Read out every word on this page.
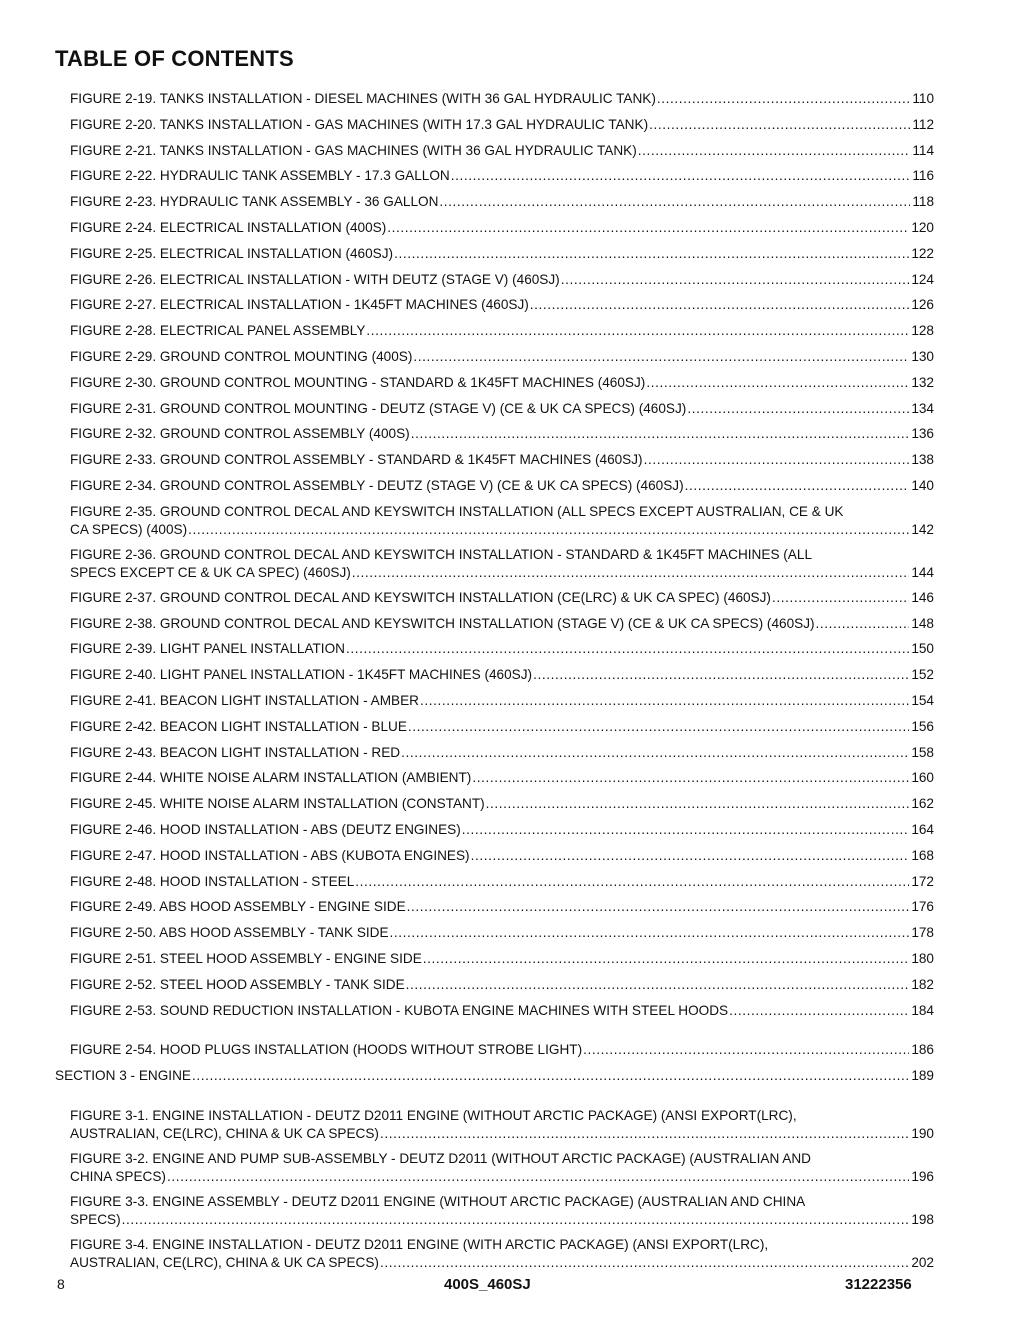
TABLE OF CONTENTS
FIGURE 2-19. TANKS INSTALLATION - DIESEL MACHINES (WITH 36 GAL HYDRAULIC TANK) .....	110
FIGURE 2-20. TANKS INSTALLATION - GAS MACHINES (WITH 17.3 GAL HYDRAULIC TANK) .....	112
FIGURE 2-21. TANKS INSTALLATION - GAS MACHINES (WITH 36 GAL HYDRAULIC TANK) .....	114
FIGURE 2-22. HYDRAULIC TANK ASSEMBLY - 17.3 GALLON .....	116
FIGURE 2-23. HYDRAULIC TANK ASSEMBLY - 36 GALLON .....	118
FIGURE 2-24. ELECTRICAL INSTALLATION (400S) .....	120
FIGURE 2-25. ELECTRICAL INSTALLATION (460SJ) .....	122
FIGURE 2-26. ELECTRICAL INSTALLATION - WITH DEUTZ (STAGE V) (460SJ) .....	124
FIGURE 2-27. ELECTRICAL INSTALLATION - 1K45FT MACHINES (460SJ) .....	126
FIGURE 2-28. ELECTRICAL PANEL ASSEMBLY .....	128
FIGURE 2-29. GROUND CONTROL MOUNTING (400S) .....	130
FIGURE 2-30. GROUND CONTROL MOUNTING - STANDARD & 1K45FT MACHINES (460SJ) .....	132
FIGURE 2-31. GROUND CONTROL MOUNTING - DEUTZ (STAGE V) (CE & UK CA SPECS) (460SJ) .....	134
FIGURE 2-32. GROUND CONTROL ASSEMBLY (400S) .....	136
FIGURE 2-33. GROUND CONTROL ASSEMBLY - STANDARD & 1K45FT MACHINES (460SJ) .....	138
FIGURE 2-34. GROUND CONTROL ASSEMBLY - DEUTZ (STAGE V) (CE & UK CA SPECS) (460SJ) .....	140
FIGURE 2-35. GROUND CONTROL DECAL AND KEYSWITCH INSTALLATION (ALL SPECS EXCEPT AUSTRALIAN, CE & UK
CA SPECS) (400S) .....	142
FIGURE 2-36. GROUND CONTROL DECAL AND KEYSWITCH INSTALLATION - STANDARD & 1K45FT MACHINES (ALL
SPECS EXCEPT CE & UK CA SPEC) (460SJ) .....	144
FIGURE 2-37. GROUND CONTROL DECAL AND KEYSWITCH INSTALLATION (CE(LRC) & UK CA SPEC) (460SJ) .....	146
FIGURE 2-38. GROUND CONTROL DECAL AND KEYSWITCH INSTALLATION (STAGE V) (CE & UK CA SPECS) (460SJ) .....	148
FIGURE 2-39. LIGHT PANEL INSTALLATION .....	150
FIGURE 2-40. LIGHT PANEL INSTALLATION - 1K45FT MACHINES (460SJ) .....	152
FIGURE 2-41. BEACON LIGHT INSTALLATION - AMBER .....	154
FIGURE 2-42. BEACON LIGHT INSTALLATION - BLUE .....	156
FIGURE 2-43. BEACON LIGHT INSTALLATION - RED .....	158
FIGURE 2-44. WHITE NOISE ALARM INSTALLATION (AMBIENT) .....	160
FIGURE 2-45. WHITE NOISE ALARM INSTALLATION (CONSTANT) .....	162
FIGURE 2-46. HOOD INSTALLATION - ABS (DEUTZ ENGINES) .....	164
FIGURE 2-47. HOOD INSTALLATION - ABS (KUBOTA ENGINES) .....	168
FIGURE 2-48. HOOD INSTALLATION - STEEL .....	172
FIGURE 2-49. ABS HOOD ASSEMBLY - ENGINE SIDE .....	176
FIGURE 2-50. ABS HOOD ASSEMBLY - TANK SIDE .....	178
FIGURE 2-51. STEEL HOOD ASSEMBLY - ENGINE SIDE .....	180
FIGURE 2-52. STEEL HOOD ASSEMBLY - TANK SIDE .....	182
FIGURE 2-53. SOUND REDUCTION INSTALLATION - KUBOTA ENGINE MACHINES WITH STEEL HOODS .....	184
FIGURE 2-54. HOOD PLUGS INSTALLATION (HOODS WITHOUT STROBE LIGHT) .....	186
SECTION 3 - ENGINE .....	189
FIGURE 3-1. ENGINE INSTALLATION - DEUTZ D2011 ENGINE (WITHOUT ARCTIC PACKAGE) (ANSI EXPORT(LRC),
AUSTRALIAN, CE(LRC), CHINA & UK CA SPECS) .....	190
FIGURE 3-2. ENGINE AND PUMP SUB-ASSEMBLY - DEUTZ D2011 (WITHOUT ARCTIC PACKAGE) (AUSTRALIAN AND
CHINA SPECS) .....	196
FIGURE 3-3. ENGINE ASSEMBLY - DEUTZ D2011 ENGINE (WITHOUT ARCTIC PACKAGE) (AUSTRALIAN AND CHINA
SPECS) .....	198
FIGURE 3-4. ENGINE INSTALLATION - DEUTZ D2011 ENGINE (WITH ARCTIC PACKAGE) (ANSI EXPORT(LRC),
AUSTRALIAN, CE(LRC), CHINA & UK CA SPECS) .....	202
8	400S_460SJ	31222356
